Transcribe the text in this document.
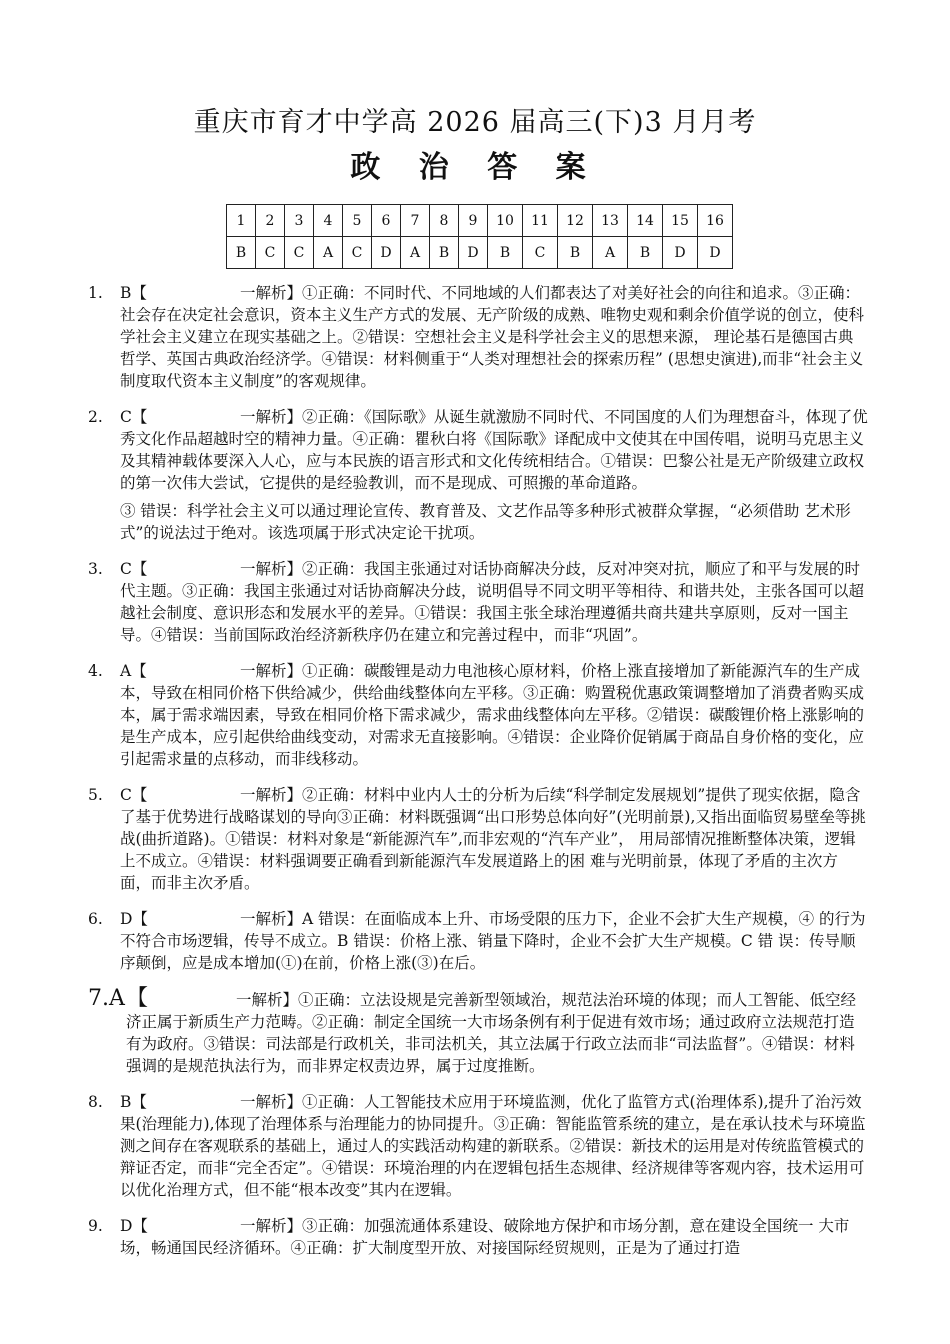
重庆市育才中学高 2026 届高三(下)3 月月考
政 治 答 案
1	2	3	4	5	6	7	8	9	10	11	12	13	14	15	16
B	C	C	A	C	D	A	B	D	B	C	B	A	B	D	D
1.	B【	一解析】①正确：不同时代、不同地域的人们都表达了对美好社会的向往和追求。③正确：社会存在决定社会意识，资本主义生产方式的发展、无产阶级的成熟、唯物史观和剩余价值学说的创立，使科学社会主义建立在现实基础之上。②错误：空想社会主义是科学社会主义的思想来源， 理论基石是德国古典哲学、英国古典政治经济学。④错误：材料侧重于“人类对理想社会的探索历程” (思想史演进),而非“社会主义制度取代资本主义制度”的客观规律。
2.	C【	一解析】②正确：《国际歌》从诞生就激励不同时代、不同国度的人们为理想奋斗，体现了优秀文化作品超越时空的精神力量。④正确：瞿秋白将《国际歌》译配成中文使其在中国传唱，说明马克思主义及其精神载体要深入人心，应与本民族的语言形式和文化传统相结合。①错误：巴黎公社是无产阶级建立政权的第一次伟大尝试，它提供的是经验教训，而不是现成、可照搬的革命道路。

③ 错误：科学社会主义可以通过理论宣传、教育普及、文艺作品等多种形式被群众掌握，“必须借助 艺术形式”的说法过于绝对。该选项属于形式决定论干扰项。

3.	C【	一解析】②正确：我国主张通过对话协商解决分歧，反对冲突对抗，顺应了和平与发展的时代主题。③正确：我国主张通过对话协商解决分歧，说明倡导不同文明平等相待、和谐共处，主张各国可以超越社会制度、意识形态和发展水平的差异。①错误：我国主张全球治理遵循共商共建共享原则，反对一国主导。④错误：当前国际政治经济新秩序仍在建立和完善过程中，而非“巩固”。
4.	A【	一解析】①正确：碳酸锂是动力电池核心原材料，价格上涨直接增加了新能源汽车的生产成本，导致在相同价格下供给减少，供给曲线整体向左平移。③正确：购置税优惠政策调整增加了消费者购买成本，属于需求端因素，导致在相同价格下需求减少，需求曲线整体向左平移。②错误：碳酸锂价格上涨影响的是生产成本，应引起供给曲线变动，对需求无直接影响。④错误：企业降价促销属于商品自身价格的变化，应引起需求量的点移动，而非线移动。
5.	C【	一解析】②正确：材料中业内人士的分析为后续“科学制定发展规划”提供了现实依据，隐含了基于优势进行战略谋划的导向③正确：材料既强调“出口形势总体向好”(光明前景),又指出面临贸易壁垒等挑战(曲折道路)。①错误：材料对象是“新能源汽车”,而非宏观的“汽车产业”， 用局部情况推断整体决策，逻辑上不成立。④错误：材料强调要正确看到新能源汽车发展道路上的困 难与光明前景，体现了矛盾的主次方面，而非主次矛盾。
6.	D【	一解析】A 错误：在面临成本上升、市场受限的压力下，企业不会扩大生产规模，④ 的行为不符合市场逻辑，传导不成立。B 错误：价格上涨、销量下降时，企业不会扩大生产规模。C 错 误：传导顺序颠倒，应是成本增加(①)在前，价格上涨(③)在后。
7.A 【	一解析】①正确：立法设规是完善新型领域治，规范法治环境的体现；而人工智能、低空经济正属于新质生产力范畴。②正确：制定全国统一大市场条例有利于促进有效市场；通过政府立法规范打造有为政府。③错误：司法部是行政机关，非司法机关，其立法属于行政立法而非“司法监督”。④错误：材料强调的是规范执法行为，而非界定权责边界，属于过度推断。
8.	B【	一解析】①正确：人工智能技术应用于环境监测，优化了监管方式(治理体系),提升了治污效果(治理能力),体现了治理体系与治理能力的协同提升。③正确：智能监管系统的建立，是在承认技术与环境监测之间存在客观联系的基础上，通过人的实践活动构建的新联系。②错误：新技术的运用是对传统监管模式的辩证否定，而非“完全否定”。④错误：环境治理的内在逻辑包括生态规律、经济规律等客观内容，技术运用可以优化治理方式，但不能“根本改变”其内在逻辑。
9.	D【	一解析】③正确：加强流通体系建设、破除地方保护和市场分割，意在建设全国统一 大市场，畅通国民经济循环。④正确：扩大制度型开放、对接国际经贸规则，正是为了通过打造
